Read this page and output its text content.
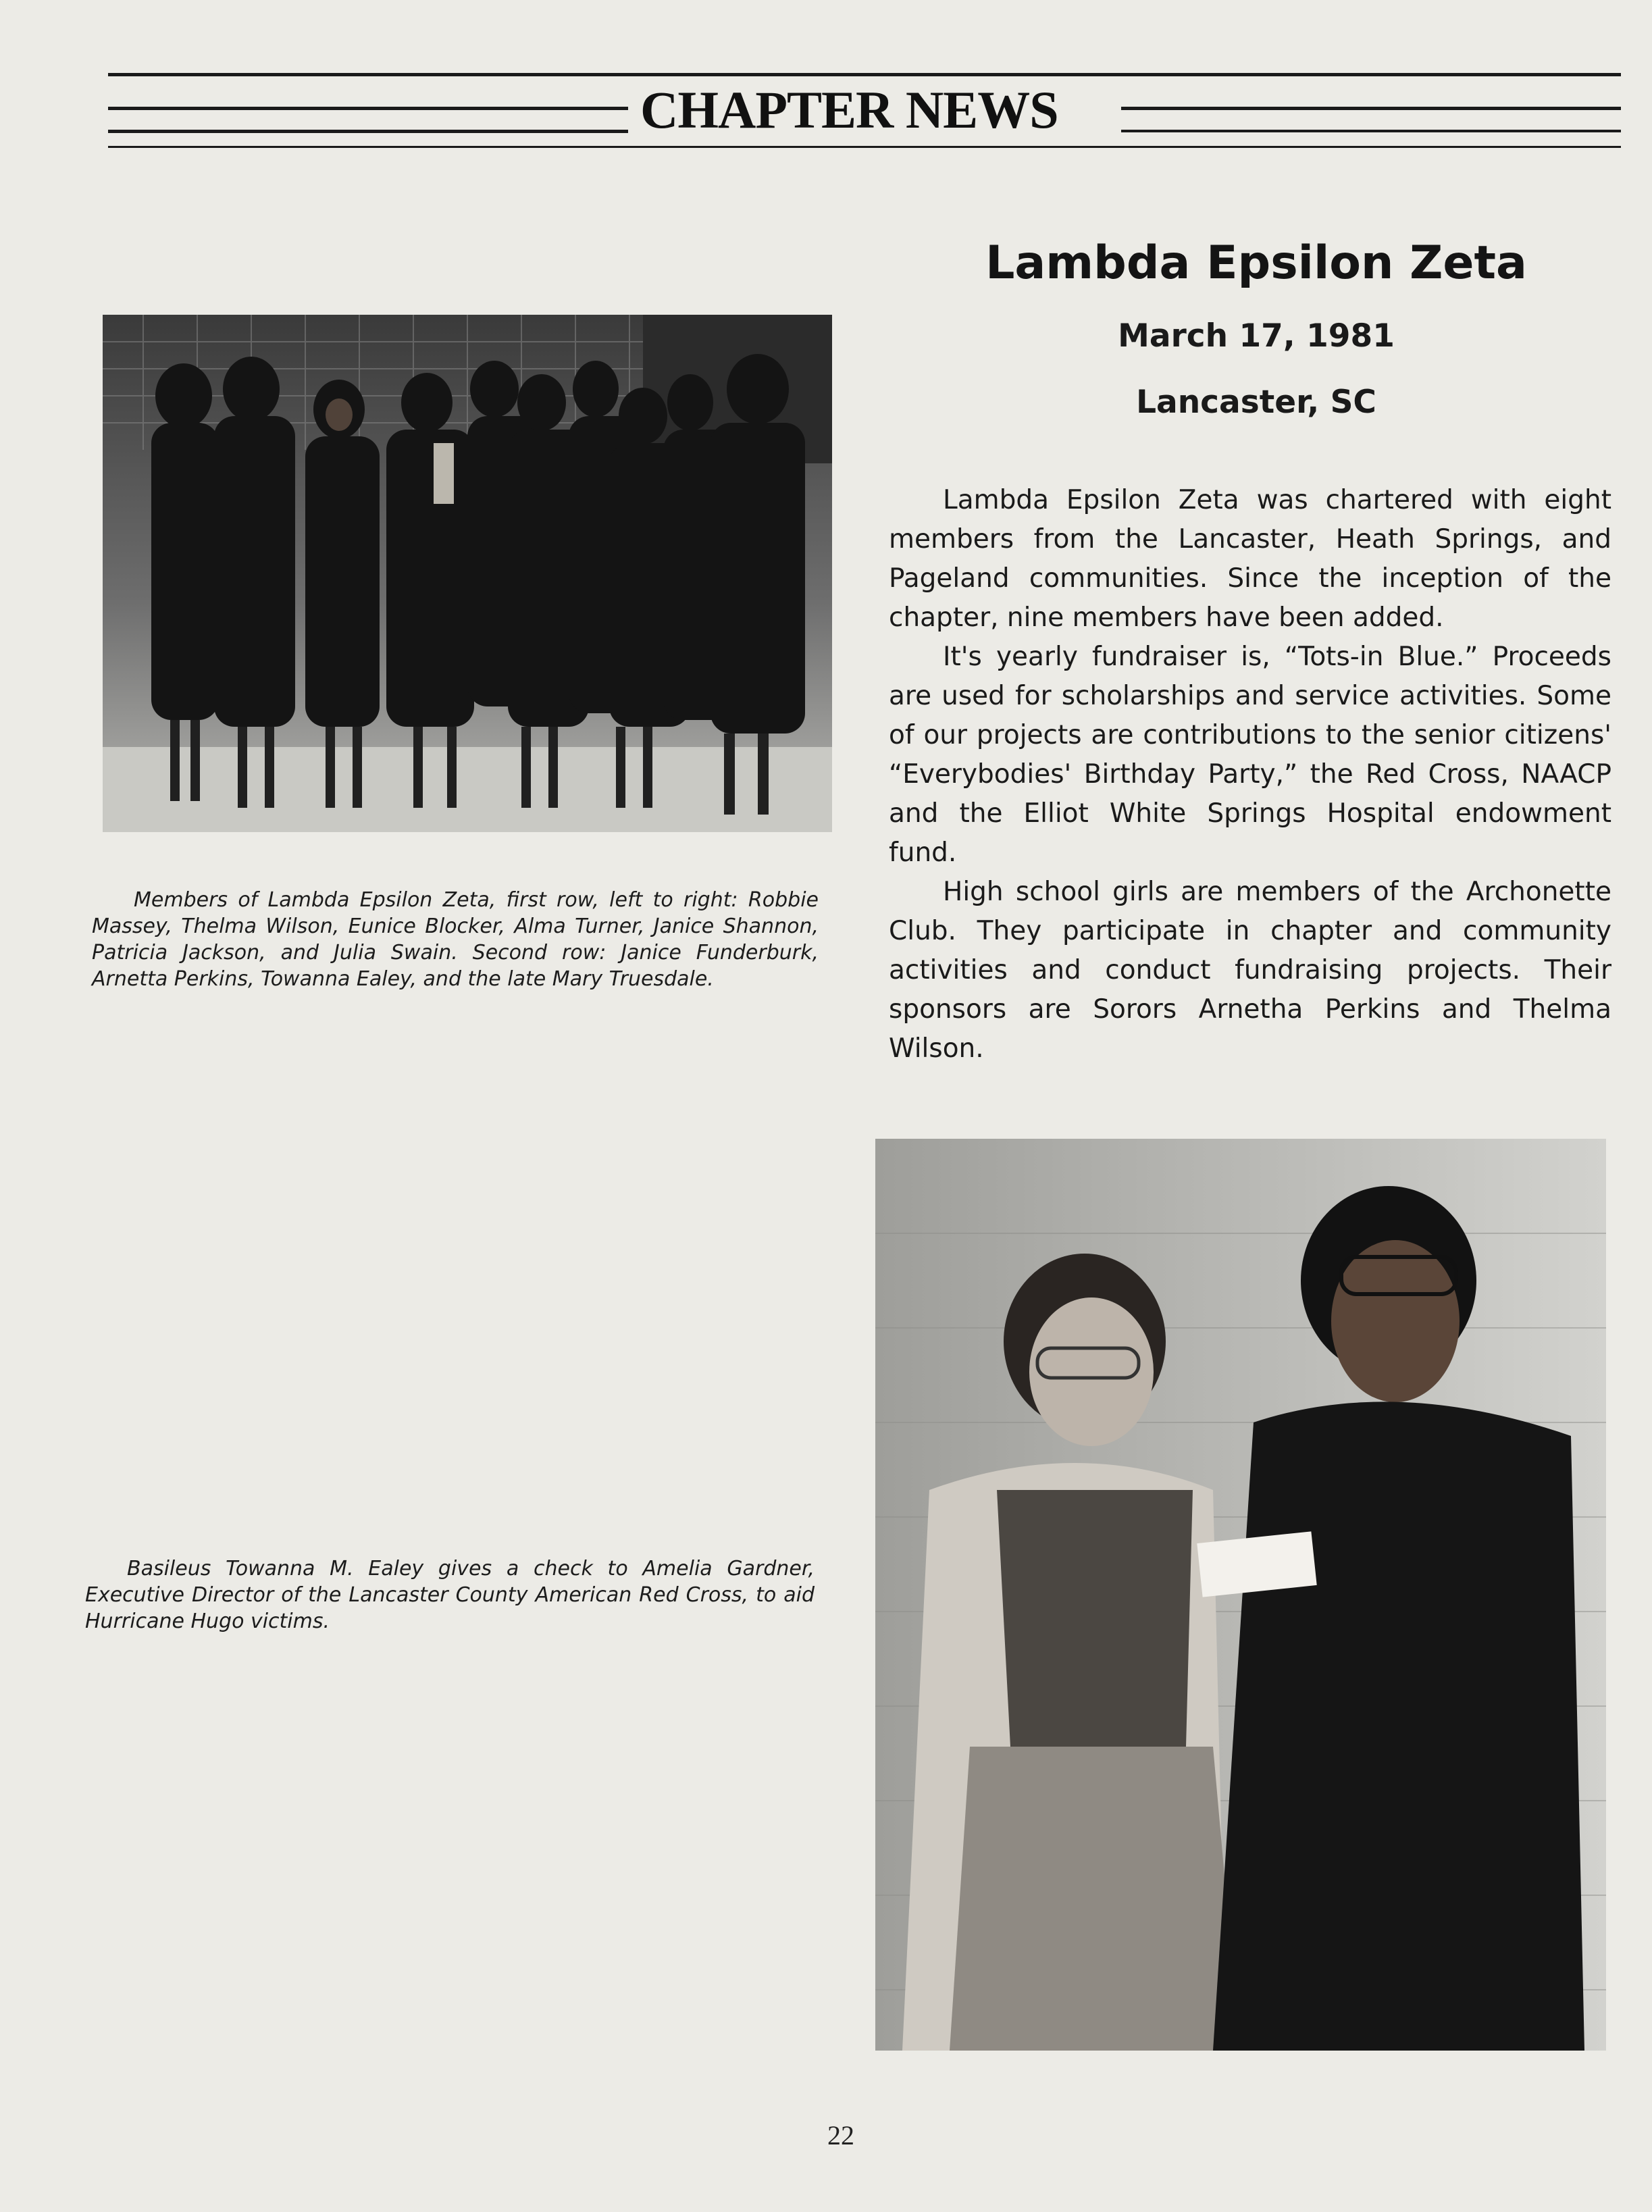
CHAPTER NEWS
Members of Lambda Epsilon Zeta, first row, left to right: Robbie Massey, Thelma Wilson, Eunice Blocker, Alma Turner, Janice Shannon, Patricia Jackson, and Julia Swain. Second row: Janice Funderburk, Arnetta Perkins, Towanna Ealey, and the late Mary Truesdale.
Basileus Towanna M. Ealey gives a check to Amelia Gardner, Executive Director of the Lancaster County American Red Cross, to aid Hurricane Hugo victims.
Lambda Epsilon Zeta
March 17, 1981
Lancaster, SC

Lambda Epsilon Zeta was chartered with eight members from the Lancaster, Heath Springs, and Pageland communities. Since the inception of the chapter, nine members have been added.

It's yearly fundraiser is, “Tots-in Blue.” Proceeds are used for scholarships and service activities. Some of our projects are contributions to the senior citizens' “Everybodies' Birthday Party,” the Red Cross, NAACP and the Elliot White Springs Hospital endowment fund.

High school girls are members of the Archonette Club. They participate in chapter and community activities and conduct fundraising projects. Their sponsors are Sorors Arnetha Perkins and Thelma Wilson.

22
